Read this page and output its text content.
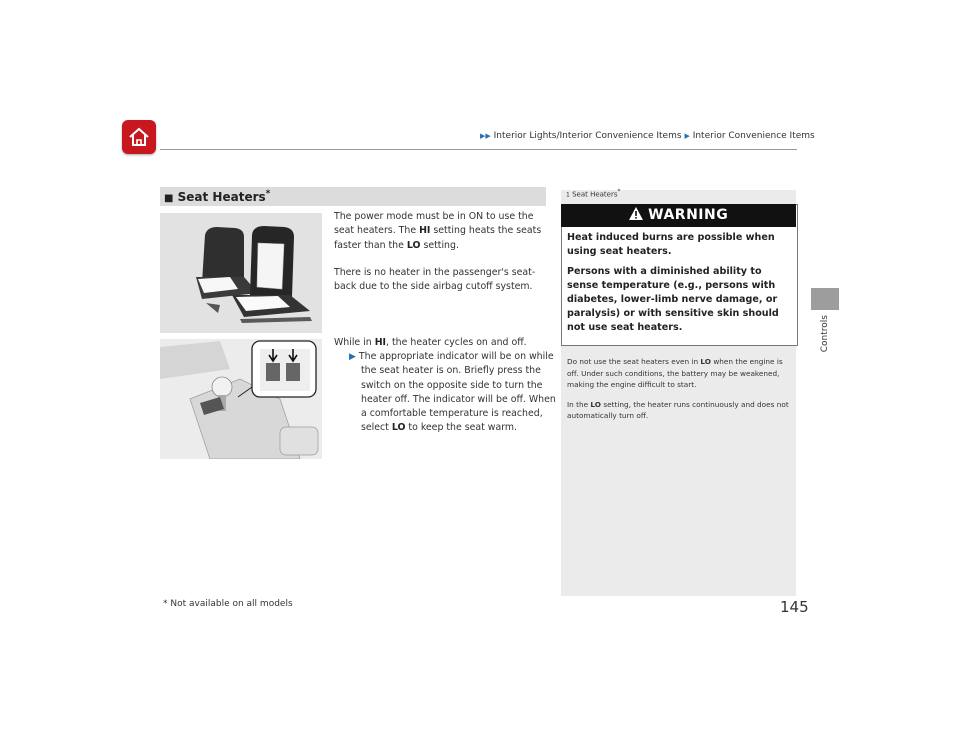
▶▶ Interior Lights/Interior Convenience Items ▶ Interior Convenience Items
Controls
■ Seat Heaters*
The power mode must be in ON to use the seat heaters. The HI setting heats the seats faster than the LO setting.
There is no heater in the passenger's seat-back due to the side airbag cutoff system.
While in HI, the heater cycles on and off.
▶ The appropriate indicator will be on while the seat heater is on. Briefly press the switch on the opposite side to turn the heater off. The indicator will be off. When a comfortable temperature is reached, select LO to keep the seat warm.
1 Seat Heaters*
WARNING

Heat induced burns are possible when using seat heaters.

Persons with a diminished ability to sense temperature (e.g., persons with diabetes, lower-limb nerve damage, or paralysis) or with sensitive skin should not use seat heaters.

Do not use the seat heaters even in LO when the engine is off. Under such conditions, the battery may be weakened, making the engine difficult to start.

In the LO setting, the heater runs continuously and does not automatically turn off.

* Not available on all models	145
